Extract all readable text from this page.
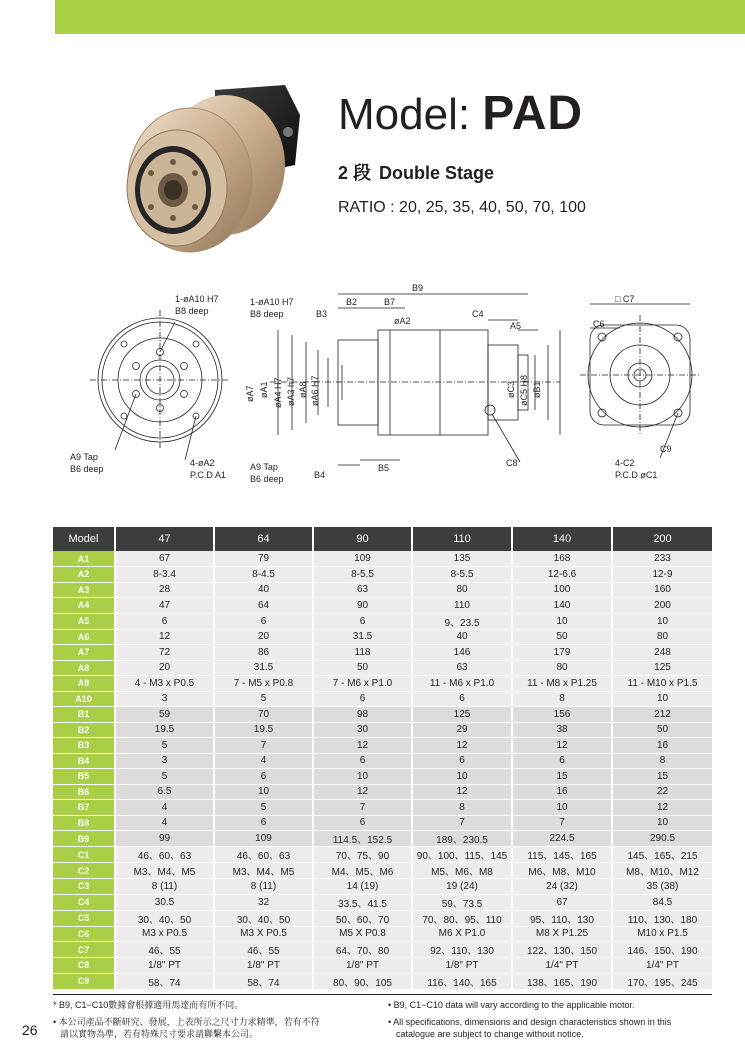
Model: PAD
2 段 Double Stage
RATIO : 20, 25, 35, 40, 50, 70, 100
1-øA10 H7
B8 deep
A9 Tap
B6 deep
4-øA2
P.C.D A1
1-øA10 H7
B8 deep	B3
B2	B7
B9
øA2
C4
A5
øA7 øA1 øA4 H7 øA3 h7 øA8 øA6 H7	øC3 øC5 H8 øB1
A9 Tap
B6 deep	B4
B5	C8
□ C7
C6
C9
4-C2
P.C.D øC1
Model	47	64	90	110	140	200
A1	67	79	109	135	168	233
A2	8-3.4	8-4.5	8-5.5	8-5.5	12-6.6	12-9
A3	28	40	63	80	100	160
A4	47	64	90	110	140	200
A5	6	6	6	9、23.5	10	10
A6	12	20	31.5	40	50	80
A7	72	86	118	146	179	248
A8	20	31.5	50	63	80	125
A9	4 - M3 x P0.5	7 - M5 x P0.8	7 - M6 x P1.0	11 - M6 x P1.0	11 - M8 x P1.25	11 - M10 x P1.5
A10	3	5	6	6	8	10
B1	59	70	98	125	156	212
B2	19.5	19.5	30	29	38	50
B3	5	7	12	12	12	16
B4	3	4	6	6	6	8
B5	5	6	10	10	15	15
B6	6.5	10	12	12	16	22
B7	4	5	7	8	10	12
B8	4	6	6	7	7	10
B9	99	109	114.5、152.5	189、230.5	224.5	290.5
C1	46、60、63	46、60、63	70、75、90	90、100、115、145	115、145、165	145、165、215
C2	M3、M4、M5	M3、M4、M5	M4、M5、M6	M5、M6、M8	M6、M8、M10	M8、M10、M12
C3	8 (11)	8 (11)	14 (19)	19 (24)	24 (32)	35 (38)
C4	30.5	32	33.5、41.5	59、73.5	67	84.5
C5	30、40、50	30、40、50	50、60、70	70、80、95、110	95、110、130	110、130、180
C6	M3 x P0.5	M3 X P0.5	M5 X P0.8	M6 X P1.0	M8 X P1.25	M10 x P1.5
C7	46、55	46、55	64、70、80	92、110、130	122、130、150	146、150、190
C8	1/8" PT	1/8" PT	1/8" PT	1/8" PT	1/4" PT	1/4" PT
C9	58、74	58、74	80、90、105	116、140、165	138、165、190	170、195、245
* B9, C1−C10數據會根據適用馬達而有所不同。
• 本公司產品不斷研究、發展，上表所示之尺寸力求精準，若有不符
請以實物為準，若有特殊尺寸要求請聯繫本公司。
• B9, C1−C10 data will vary according to the applicable motor.
• All specifications, dimensions and design characteristics shown in this
catalogue are subject to change without notice.
26
